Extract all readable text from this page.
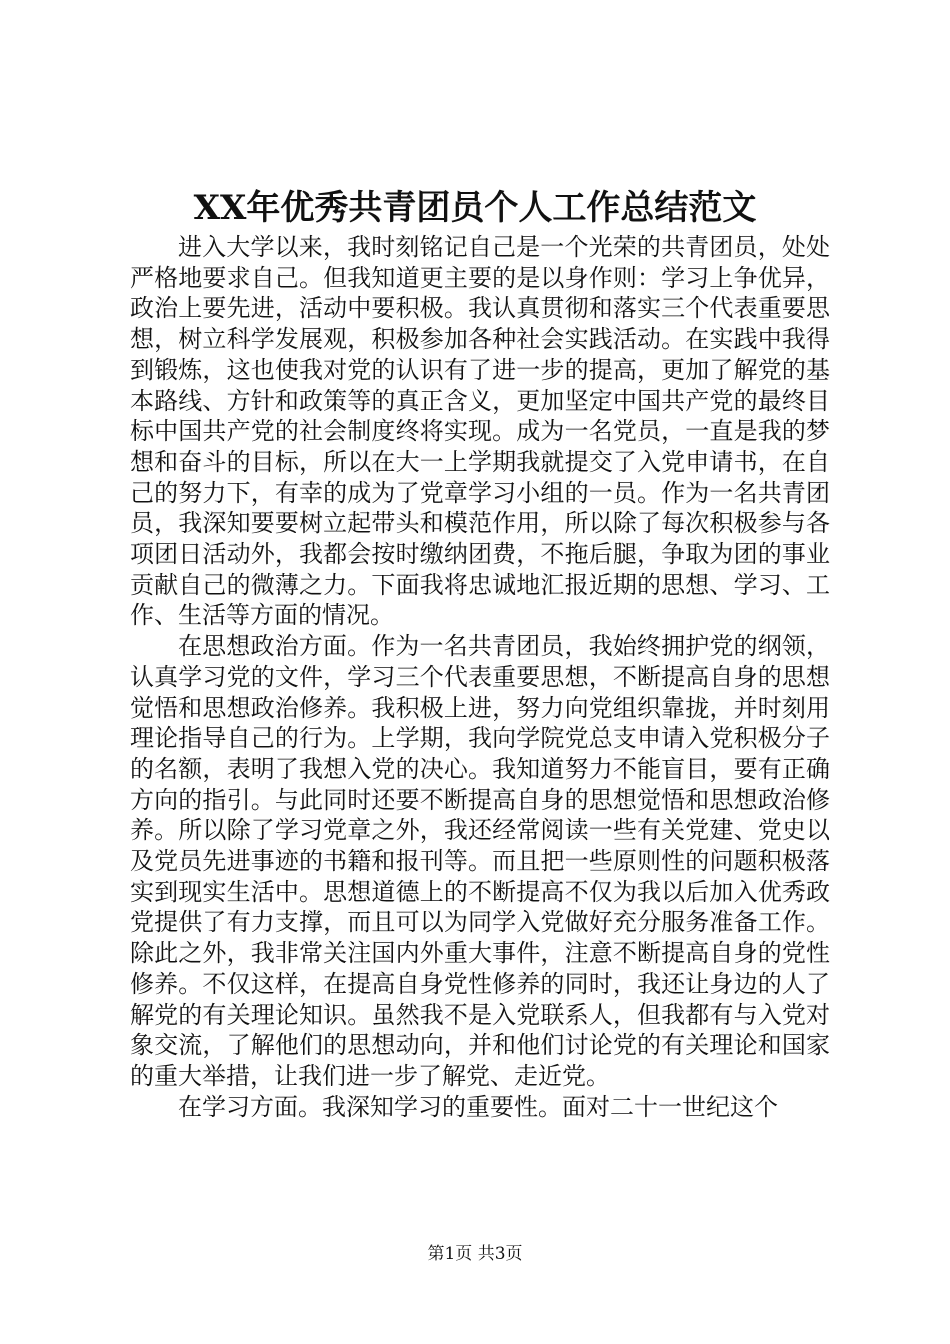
XX年优秀共青团员个人工作总结范文

进入大学以来，我时刻铭记自己是一个光荣的共青团员，处处严格地要求自己。但我知道更主要的是以身作则：学习上争优异，政治上要先进，活动中要积极。我认真贯彻和落实三个代表重要思想，树立科学发展观，积极参加各种社会实践活动。在实践中我得到锻炼，这也使我对党的认识有了进一步的提高，更加了解党的基本路线、方针和政策等的真正含义，更加坚定中国共产党的最终目标中国共产党的社会制度终将实现。成为一名党员，一直是我的梦想和奋斗的目标，所以在大一上学期我就提交了入党申请书，在自己的努力下，有幸的成为了党章学习小组的一员。作为一名共青团员，我深知要要树立起带头和模范作用，所以除了每次积极参与各项团日活动外，我都会按时缴纳团费，不拖后腿，争取为团的事业贡献自己的微薄之力。下面我将忠诚地汇报近期的思想、学习、工作、生活等方面的情况。

在思想政治方面。作为一名共青团员，我始终拥护党的纲领，认真学习党的文件，学习三个代表重要思想，不断提高自身的思想觉悟和思想政治修养。我积极上进，努力向党组织靠拢，并时刻用理论指导自己的行为。上学期，我向学院党总支申请入党积极分子的名额，表明了我想入党的决心。我知道努力不能盲目，要有正确方向的指引。与此同时还要不断提高自身的思想觉悟和思想政治修养。所以除了学习党章之外，我还经常阅读一些有关党建、党史以及党员先进事迹的书籍和报刊等。而且把一些原则性的问题积极落实到现实生活中。思想道德上的不断提高不仅为我以后加入优秀政党提供了有力支撑，而且可以为同学入党做好充分服务准备工作。除此之外，我非常关注国内外重大事件，注意不断提高自身的党性修养。不仅这样，在提高自身党性修养的同时，我还让身边的人了解党的有关理论知识。虽然我不是入党联系人，但我都有与入党对象交流，了解他们的思想动向，并和他们讨论党的有关理论和国家的重大举措，让我们进一步了解党、走近党。

在学习方面。我深知学习的重要性。面对二十一世纪这个

第1页 共3页
